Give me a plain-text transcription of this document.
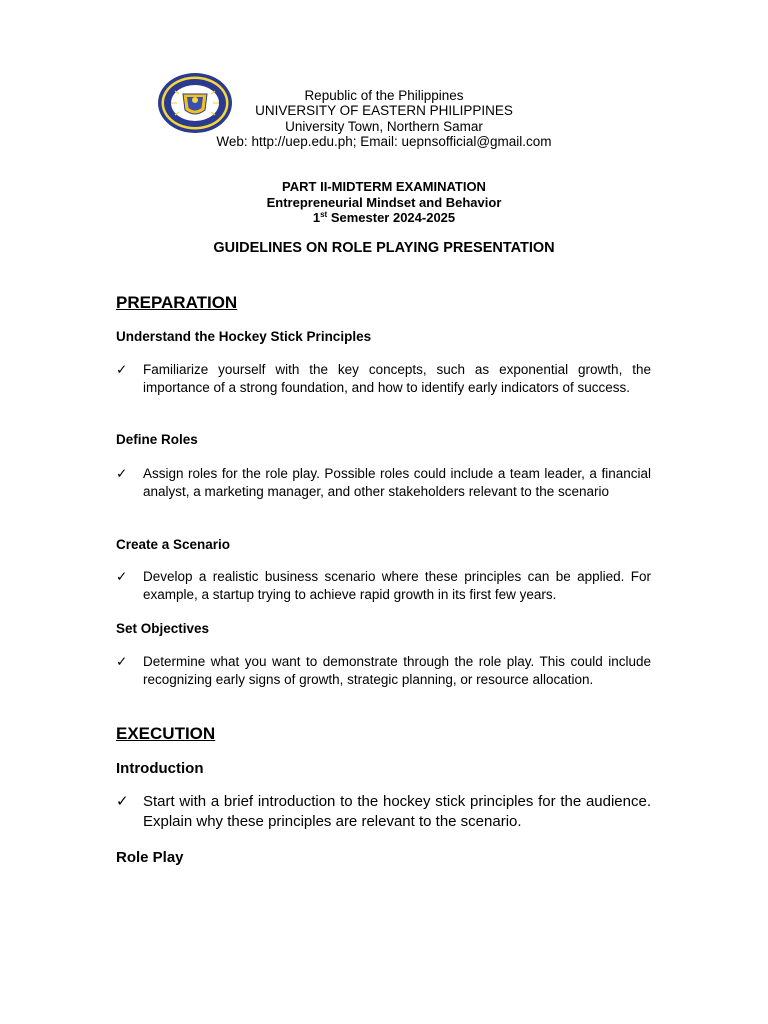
Republic of the Philippines
UNIVERSITY OF EASTERN PHILIPPINES
University Town, Northern Samar
Web: http://uep.edu.ph; Email: uepnsofficial@gmail.com
PART II-MIDTERM EXAMINATION
Entrepreneurial Mindset and Behavior
1st Semester 2024-2025
GUIDELINES ON ROLE PLAYING PRESENTATION
PREPARATION
Understand the Hockey Stick Principles
✓	Familiarize yourself with the key concepts, such as exponential growth, the importance of a strong foundation, and how to identify early indicators of success.
Define Roles
✓	Assign roles for the role play. Possible roles could include a team leader, a financial analyst, a marketing manager, and other stakeholders relevant to the scenario
Create a Scenario
✓	Develop a realistic business scenario where these principles can be applied. For example, a startup trying to achieve rapid growth in its first few years.
Set Objectives
✓	Determine what you want to demonstrate through the role play. This could include recognizing early signs of growth, strategic planning, or resource allocation.
EXECUTION
Introduction
✓ Start with a brief introduction to the hockey stick principles for the audience. Explain why these principles are relevant to the scenario.
Role Play
